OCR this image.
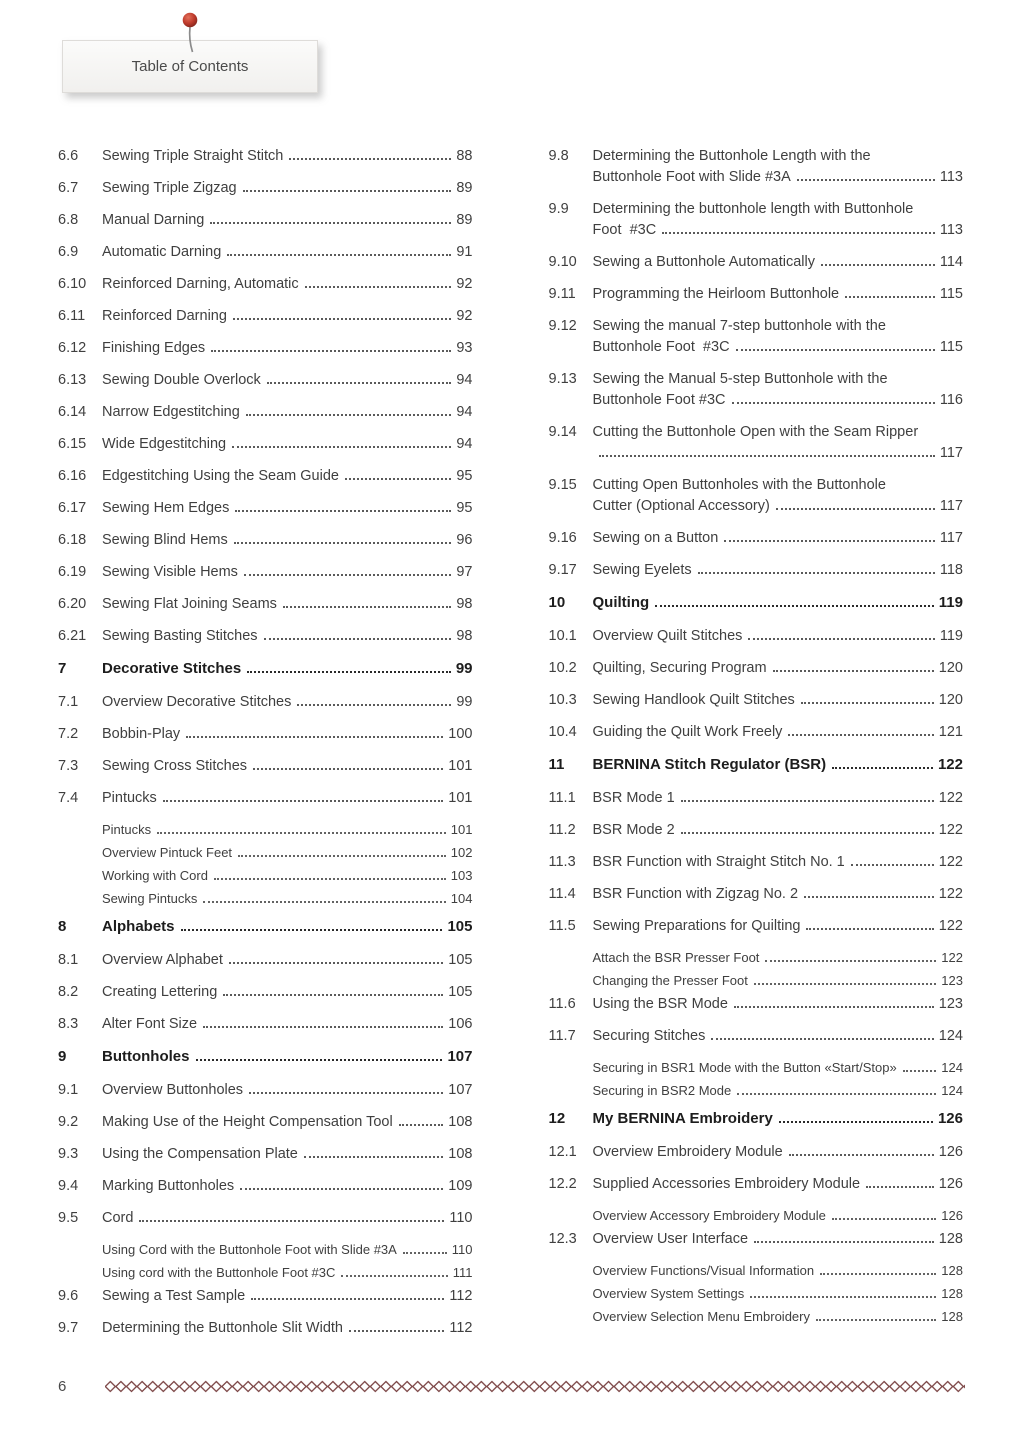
Table of Contents
6.6	Sewing Triple Straight Stitch	88
6.7	Sewing Triple Zigzag	89
6.8	Manual Darning	89
6.9	Automatic Darning	91
6.10	Reinforced Darning, Automatic	92
6.11	Reinforced Darning	92
6.12	Finishing Edges	93
6.13	Sewing Double Overlock	94
6.14	Narrow Edgestitching	94
6.15	Wide Edgestitching	94
6.16	Edgestitching Using the Seam Guide	95
6.17	Sewing Hem Edges	95
6.18	Sewing Blind Hems	96
6.19	Sewing Visible Hems	97
6.20	Sewing Flat Joining Seams	98
6.21	Sewing Basting Stitches	98
7	Decorative Stitches	99
7.1	Overview Decorative Stitches	99
7.2	Bobbin-Play	100
7.3	Sewing Cross Stitches	101
7.4	Pintucks	101
Pintucks	101
Overview Pintuck Feet	102
Working with Cord	103
Sewing Pintucks	104
8	Alphabets	105
8.1	Overview Alphabet	105
8.2	Creating Lettering	105
8.3	Alter Font Size	106
9	Buttonholes	107
9.1	Overview Buttonholes	107
9.2	Making Use of the Height Compensation Tool	108
9.3	Using the Compensation Plate	108
9.4	Marking Buttonholes	109
9.5	Cord	110
Using Cord with the Buttonhole Foot with Slide #3A	110
Using cord with the Buttonhole Foot #3C	111
9.6	Sewing a Test Sample	112
9.7	Determining the Buttonhole Slit Width	112
9.8	Determining the Buttonhole Length with the
Buttonhole Foot with Slide #3A	113
9.9	Determining the buttonhole length with Buttonhole
Foot  #3C	113
9.10	Sewing a Buttonhole Automatically	114
9.11	Programming the Heirloom Buttonhole	115
9.12	Sewing the manual 7-step buttonhole with the
Buttonhole Foot  #3C	115
9.13	Sewing the Manual 5-step Buttonhole with the
Buttonhole Foot #3C	116
9.14	Cutting the Buttonhole Open with the Seam Ripper
117
9.15	Cutting Open Buttonholes with the Buttonhole
Cutter (Optional Accessory)	117
9.16	Sewing on a Button	117
9.17	Sewing Eyelets	118
10	Quilting	119
10.1	Overview Quilt Stitches	119
10.2	Quilting, Securing Program	120
10.3	Sewing Handlook Quilt Stitches	120
10.4	Guiding the Quilt Work Freely	121
11	BERNINA Stitch Regulator (BSR)	122
11.1	BSR Mode 1	122
11.2	BSR Mode 2	122
11.3	BSR Function with Straight Stitch No. 1	122
11.4	BSR Function with Zigzag No. 2	122
11.5	Sewing Preparations for Quilting	122
Attach the BSR Presser Foot	122
Changing the Presser Foot	123
11.6	Using the BSR Mode	123
11.7	Securing Stitches	124
Securing in BSR1 Mode with the Button «Start/Stop»	124
Securing in BSR2 Mode	124
12	My BERNINA Embroidery	126
12.1	Overview Embroidery Module	126
12.2	Supplied Accessories Embroidery Module	126
Overview Accessory Embroidery Module	126
12.3	Overview User Interface	128
Overview Functions/Visual Information	128
Overview System Settings	128
Overview Selection Menu Embroidery	128
6
